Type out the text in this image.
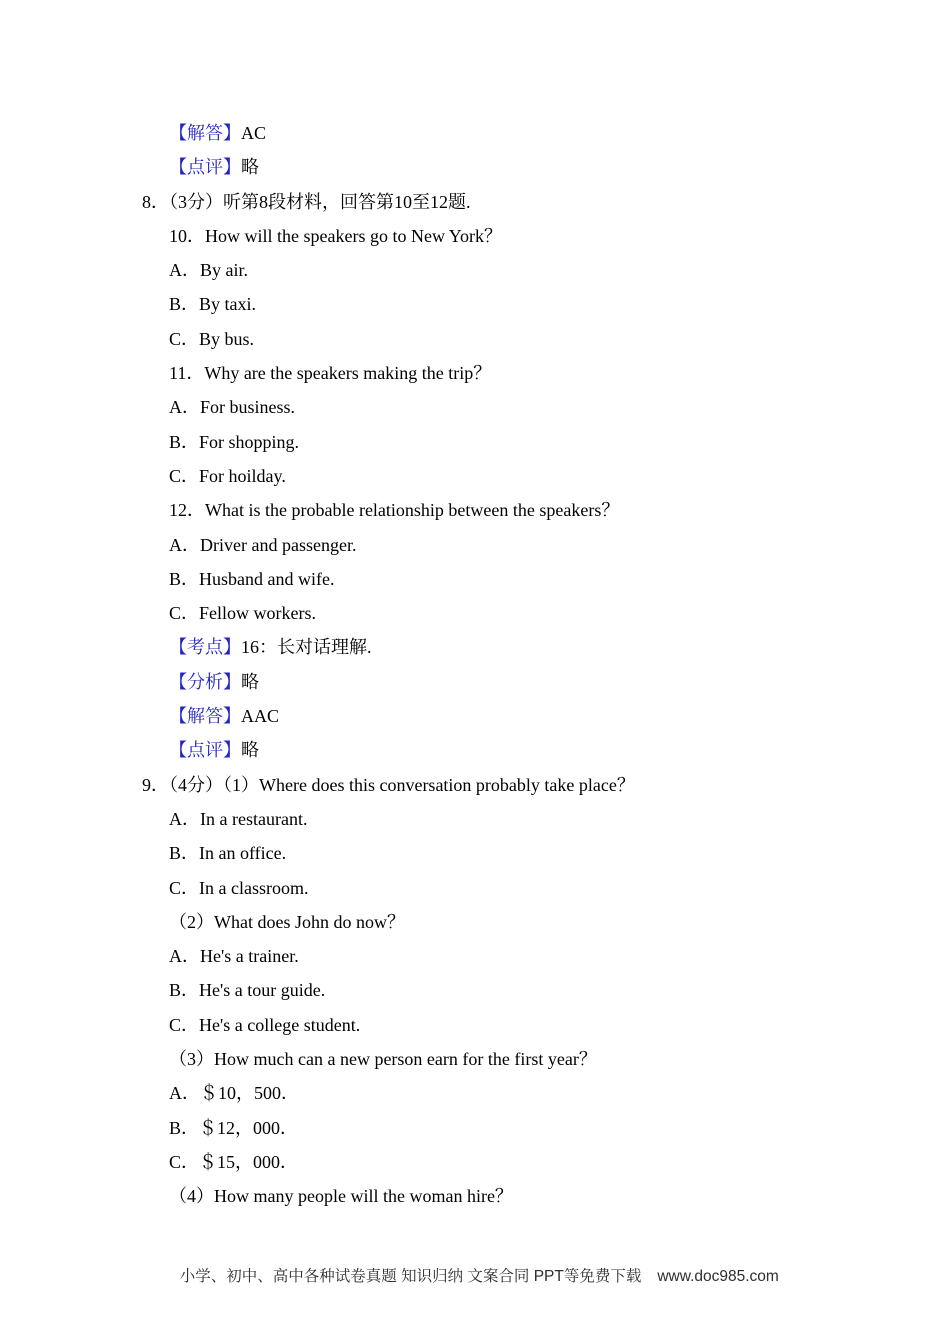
【解答】AC

【点评】略

8．（3分）听第8段材料，回答第10至12题.

10．How will the speakers go to New York？

A．By air.

B．By taxi.

C．By bus.

11．Why are the speakers making the trip？

A．For business.

B．For shopping.

C．For hoilday.

12．What is the probable relationship between the speakers？

A．Driver and passenger.

B．Husband and wife.

C．Fellow workers.

【考点】16：长对话理解.

【分析】略

【解答】AAC

【点评】略

9．（4分）（1）Where does this conversation probably take place？

A．In a restaurant.

B．In an office.

C．In a classroom.

（2）What does John do now？

A．He's a trainer.

B．He's a tour guide.

C．He's a college student.

（3）How much can a new person earn for the first year？

A．＄10，500．

B．＄12，000．

C．＄15，000．

（4）How many people will the woman hire？

小学、初中、高中各种试卷真题 知识归纳 文案合同 PPT等免费下载 www.doc985.com
